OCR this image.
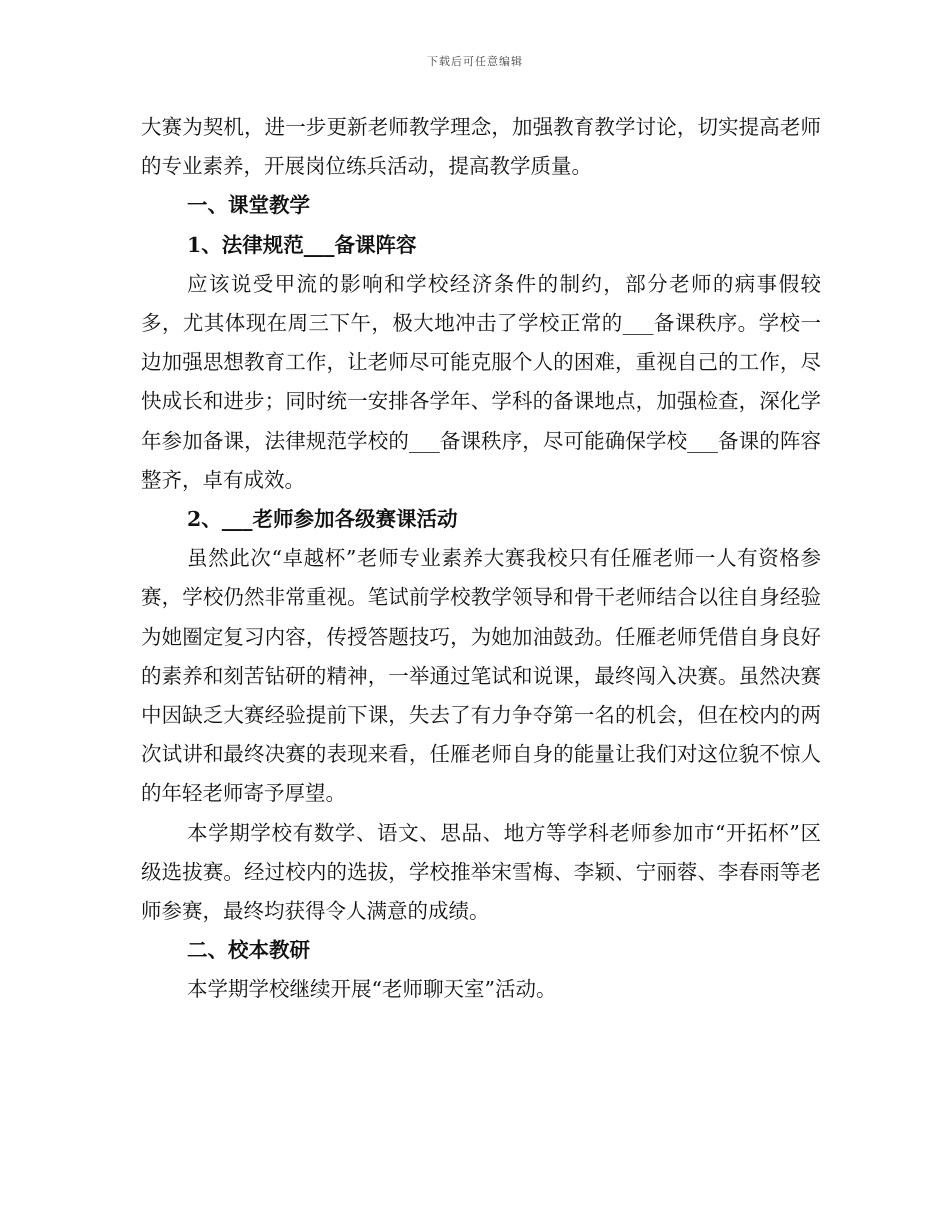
下载后可任意编辑

大赛为契机，进一步更新老师教学理念，加强教育教学讨论，切实提高老师的专业素养，开展岗位练兵活动，提高教学质量。

一、课堂教学

1、法律规范___备课阵容

应该说受甲流的影响和学校经济条件的制约，部分老师的病事假较多，尤其体现在周三下午，极大地冲击了学校正常的___备课秩序。学校一边加强思想教育工作，让老师尽可能克服个人的困难，重视自己的工作，尽快成长和进步；同时统一安排各学年、学科的备课地点，加强检查，深化学年参加备课，法律规范学校的___备课秩序，尽可能确保学校___备课的阵容整齐，卓有成效。

2、___老师参加各级赛课活动

虽然此次“卓越杯”老师专业素养大赛我校只有任雁老师一人有资格参赛，学校仍然非常重视。笔试前学校教学领导和骨干老师结合以往自身经验为她圈定复习内容，传授答题技巧，为她加油鼓劲。任雁老师凭借自身良好的素养和刻苦钻研的精神，一举通过笔试和说课，最终闯入决赛。虽然决赛中因缺乏大赛经验提前下课，失去了有力争夺第一名的机会，但在校内的两次试讲和最终决赛的表现来看，任雁老师自身的能量让我们对这位貌不惊人的年轻老师寄予厚望。

本学期学校有数学、语文、思品、地方等学科老师参加市“开拓杯”区级选拔赛。经过校内的选拔，学校推举宋雪梅、李颖、宁丽蓉、李春雨等老师参赛，最终均获得令人满意的成绩。

二、校本教研

本学期学校继续开展“老师聊天室”活动。
